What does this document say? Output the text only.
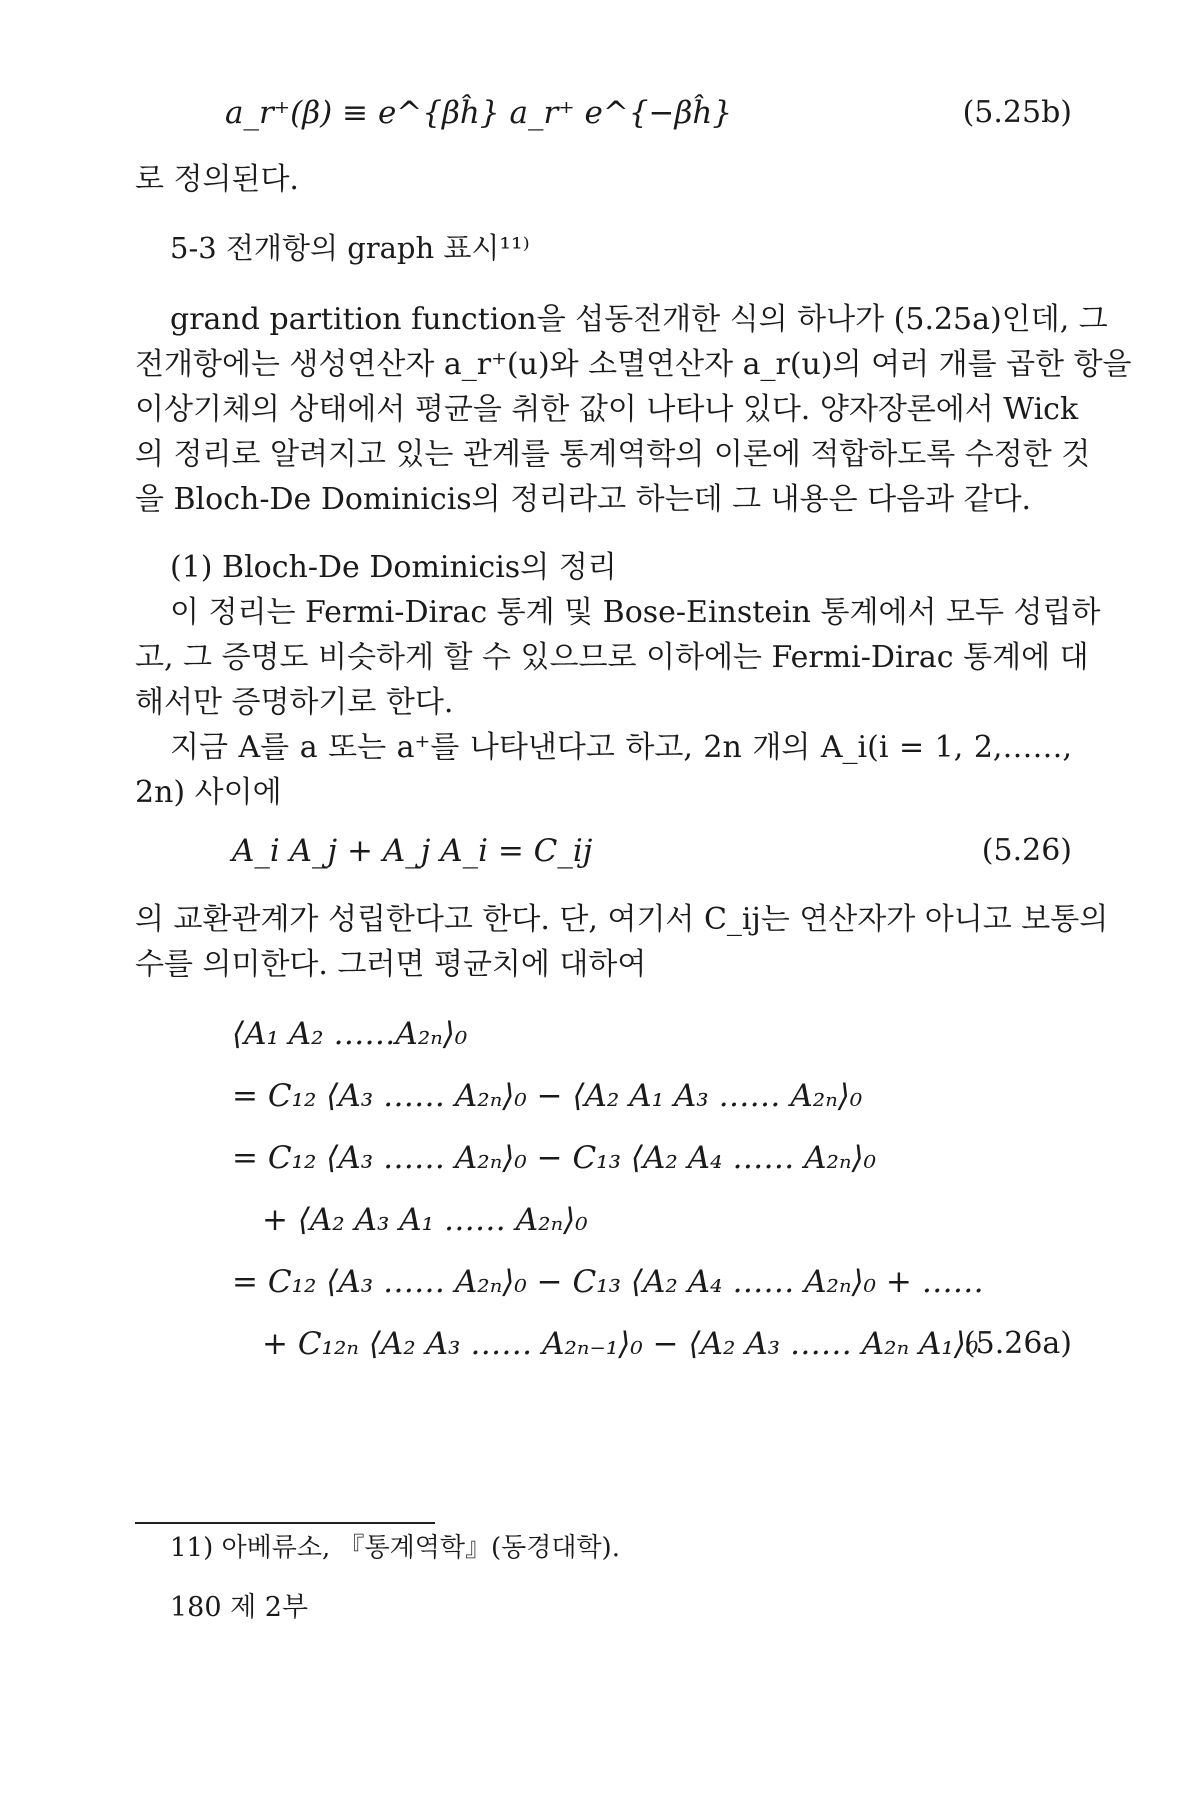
a_r⁺(β) ≡ e^{βĥ} a_r⁺ e^{−βĥ}	(5.25b)
로 정의된다.
5-3 전개항의 graph 표시¹¹⁾
grand partition function을 섭동전개한 식의 하나가 (5.25a)인데, 그
전개항에는 생성연산자 a_r⁺(u)와 소멸연산자 a_r(u)의 여러 개를 곱한 항을
이상기체의 상태에서 평균을 취한 값이 나타나 있다. 양자장론에서 Wick
의 정리로 알려지고 있는 관계를 통계역학의 이론에 적합하도록 수정한 것
을 Bloch-De Dominicis의 정리라고 하는데 그 내용은 다음과 같다.
(1) Bloch-De Dominicis의 정리
이 정리는 Fermi-Dirac 통계 및 Bose-Einstein 통계에서 모두 성립하
고, 그 증명도 비슷하게 할 수 있으므로 이하에는 Fermi-Dirac 통계에 대
해서만 증명하기로 한다.
지금 A를 a 또는 a⁺를 나타낸다고 하고, 2n 개의 A_i(i = 1, 2,……,
2n) 사이에
A_i A_j + A_j A_i = C_ij	(5.26)
의 교환관계가 성립한다고 한다. 단, 여기서 C_ij는 연산자가 아니고 보통의
수를 의미한다. 그러면 평균치에 대하여
⟨A₁ A₂ ……A₂ₙ⟩₀
= C₁₂ ⟨A₃ …… A₂ₙ⟩₀ − ⟨A₂ A₁ A₃ …… A₂ₙ⟩₀
= C₁₂ ⟨A₃ …… A₂ₙ⟩₀ − C₁₃ ⟨A₂ A₄ …… A₂ₙ⟩₀
+ ⟨A₂ A₃ A₁ …… A₂ₙ⟩₀
= C₁₂ ⟨A₃ …… A₂ₙ⟩₀ − C₁₃ ⟨A₂ A₄ …… A₂ₙ⟩₀ + ……
+ C₁₂ₙ ⟨A₂ A₃ …… A₂ₙ₋₁⟩₀ − ⟨A₂ A₃ …… A₂ₙ A₁⟩₀
(5.26a)
11) 아베류소, 『통계역학』(동경대학).
180 제 2부
